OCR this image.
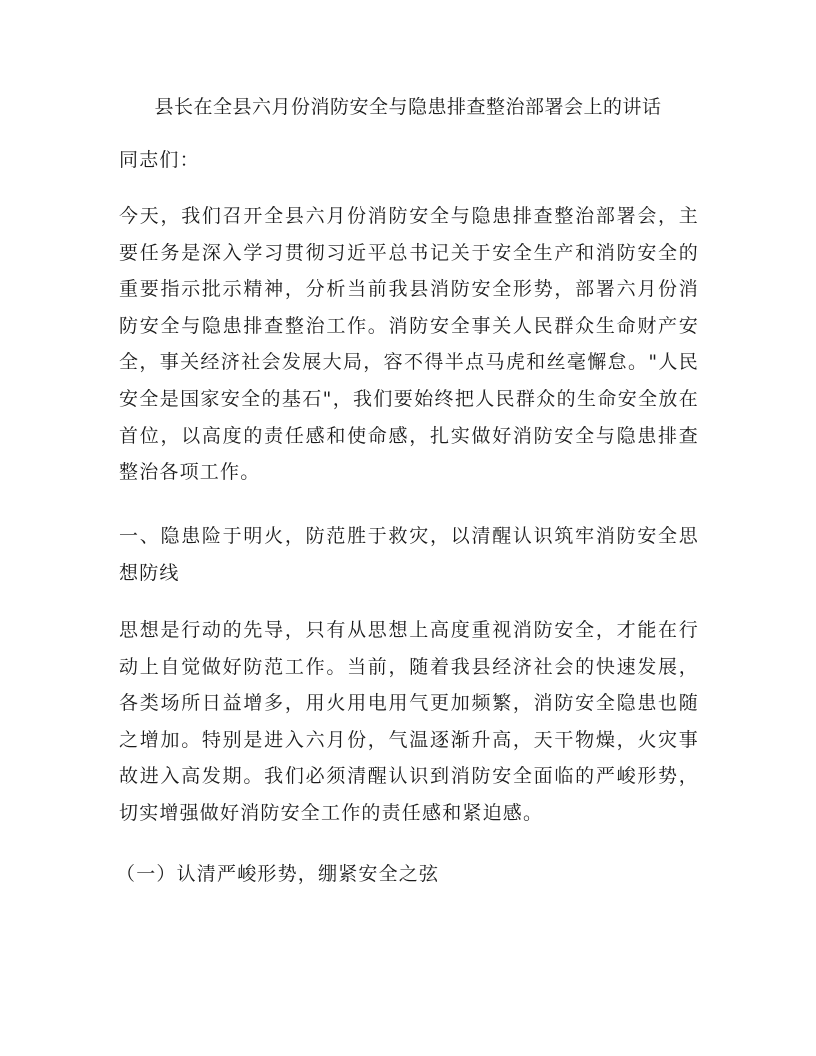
县长在全县六月份消防安全与隐患排查整治部署会上的讲话

同志们：

今天，我们召开全县六月份消防安全与隐患排查整治部署会，主要任务是深入学习贯彻习近平总书记关于安全生产和消防安全的重要指示批示精神，分析当前我县消防安全形势，部署六月份消防安全与隐患排查整治工作。消防安全事关人民群众生命财产安全，事关经济社会发展大局，容不得半点马虎和丝毫懈怠。"人民安全是国家安全的基石"，我们要始终把人民群众的生命安全放在首位，以高度的责任感和使命感，扎实做好消防安全与隐患排查整治各项工作。

一、隐患险于明火，防范胜于救灾，以清醒认识筑牢消防安全思想防线

思想是行动的先导，只有从思想上高度重视消防安全，才能在行动上自觉做好防范工作。当前，随着我县经济社会的快速发展，各类场所日益增多，用火用电用气更加频繁，消防安全隐患也随之增加。特别是进入六月份，气温逐渐升高，天干物燥，火灾事故进入高发期。我们必须清醒认识到消防安全面临的严峻形势，切实增强做好消防安全工作的责任感和紧迫感。

（一）认清严峻形势，绷紧安全之弦
